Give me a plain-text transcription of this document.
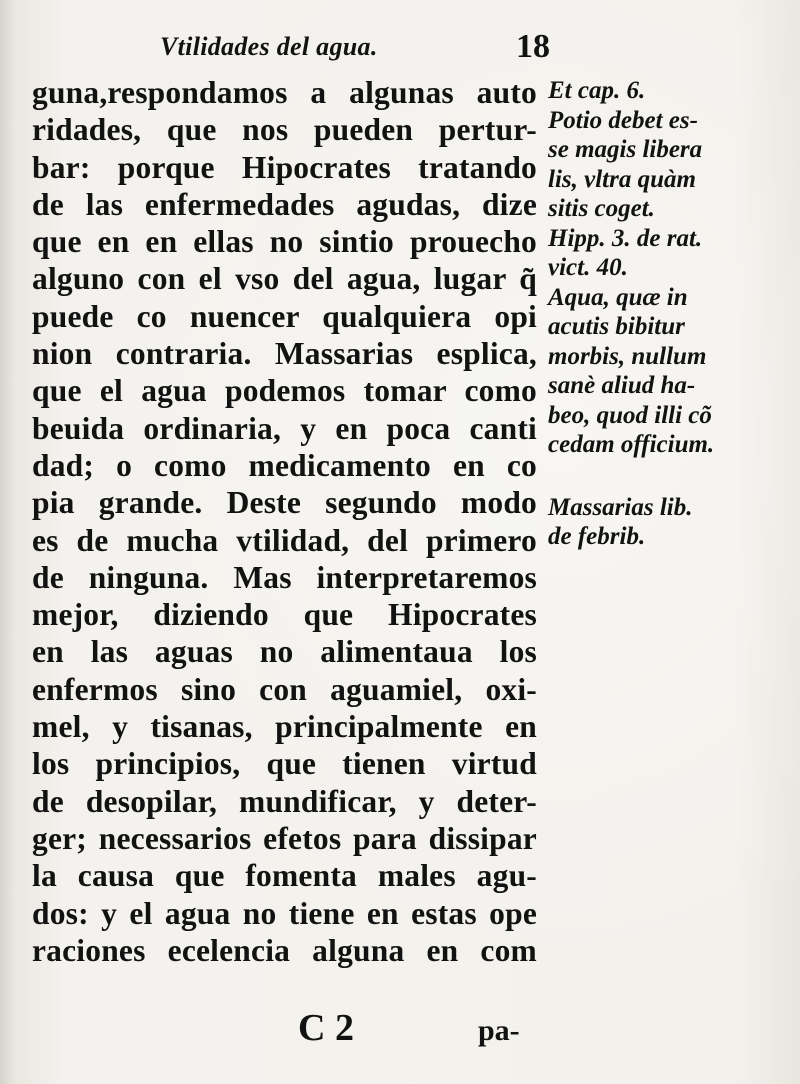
Vtilidades del agua.	18
guna,respondamos a algunas auto
ridades, que nos pueden pertur-
bar: porque Hipocrates tratando
de las enfermedades agudas, dize
que en en ellas no sintio prouecho
alguno con el vso del agua, lugar q̃
puede co nuencer qualquiera opi
nion contraria. Massarias esplica,
que el agua podemos tomar como
beuida ordinaria, y en poca canti
dad; o como medicamento en co
pia grande. Deste segundo modo
es de mucha vtilidad, del primero
de ninguna. Mas interpretaremos
mejor, diziendo que Hipocrates
en las aguas no alimentaua los
enfermos sino con aguamiel, oxi-
mel, y tisanas, principalmente en
los principios, que tienen virtud
de desopilar, mundificar, y deter-
ger; necessarios efetos para dissipar
la causa que fomenta males agu-
dos: y el agua no tiene en estas ope
raciones ecelencia alguna en com
Et cap. 6.
Potio debet es-
se magis libera
lis, vltra quàm
sitis coget.
Hipp. 3. de rat.
vict. 40.
Aqua, quæ in
acutis bibitur
morbis, nullum
sanè aliud ha-
beo, quod illi cõ
cedam officium.
Massarias lib.
de febrib.
C 2	pa-
